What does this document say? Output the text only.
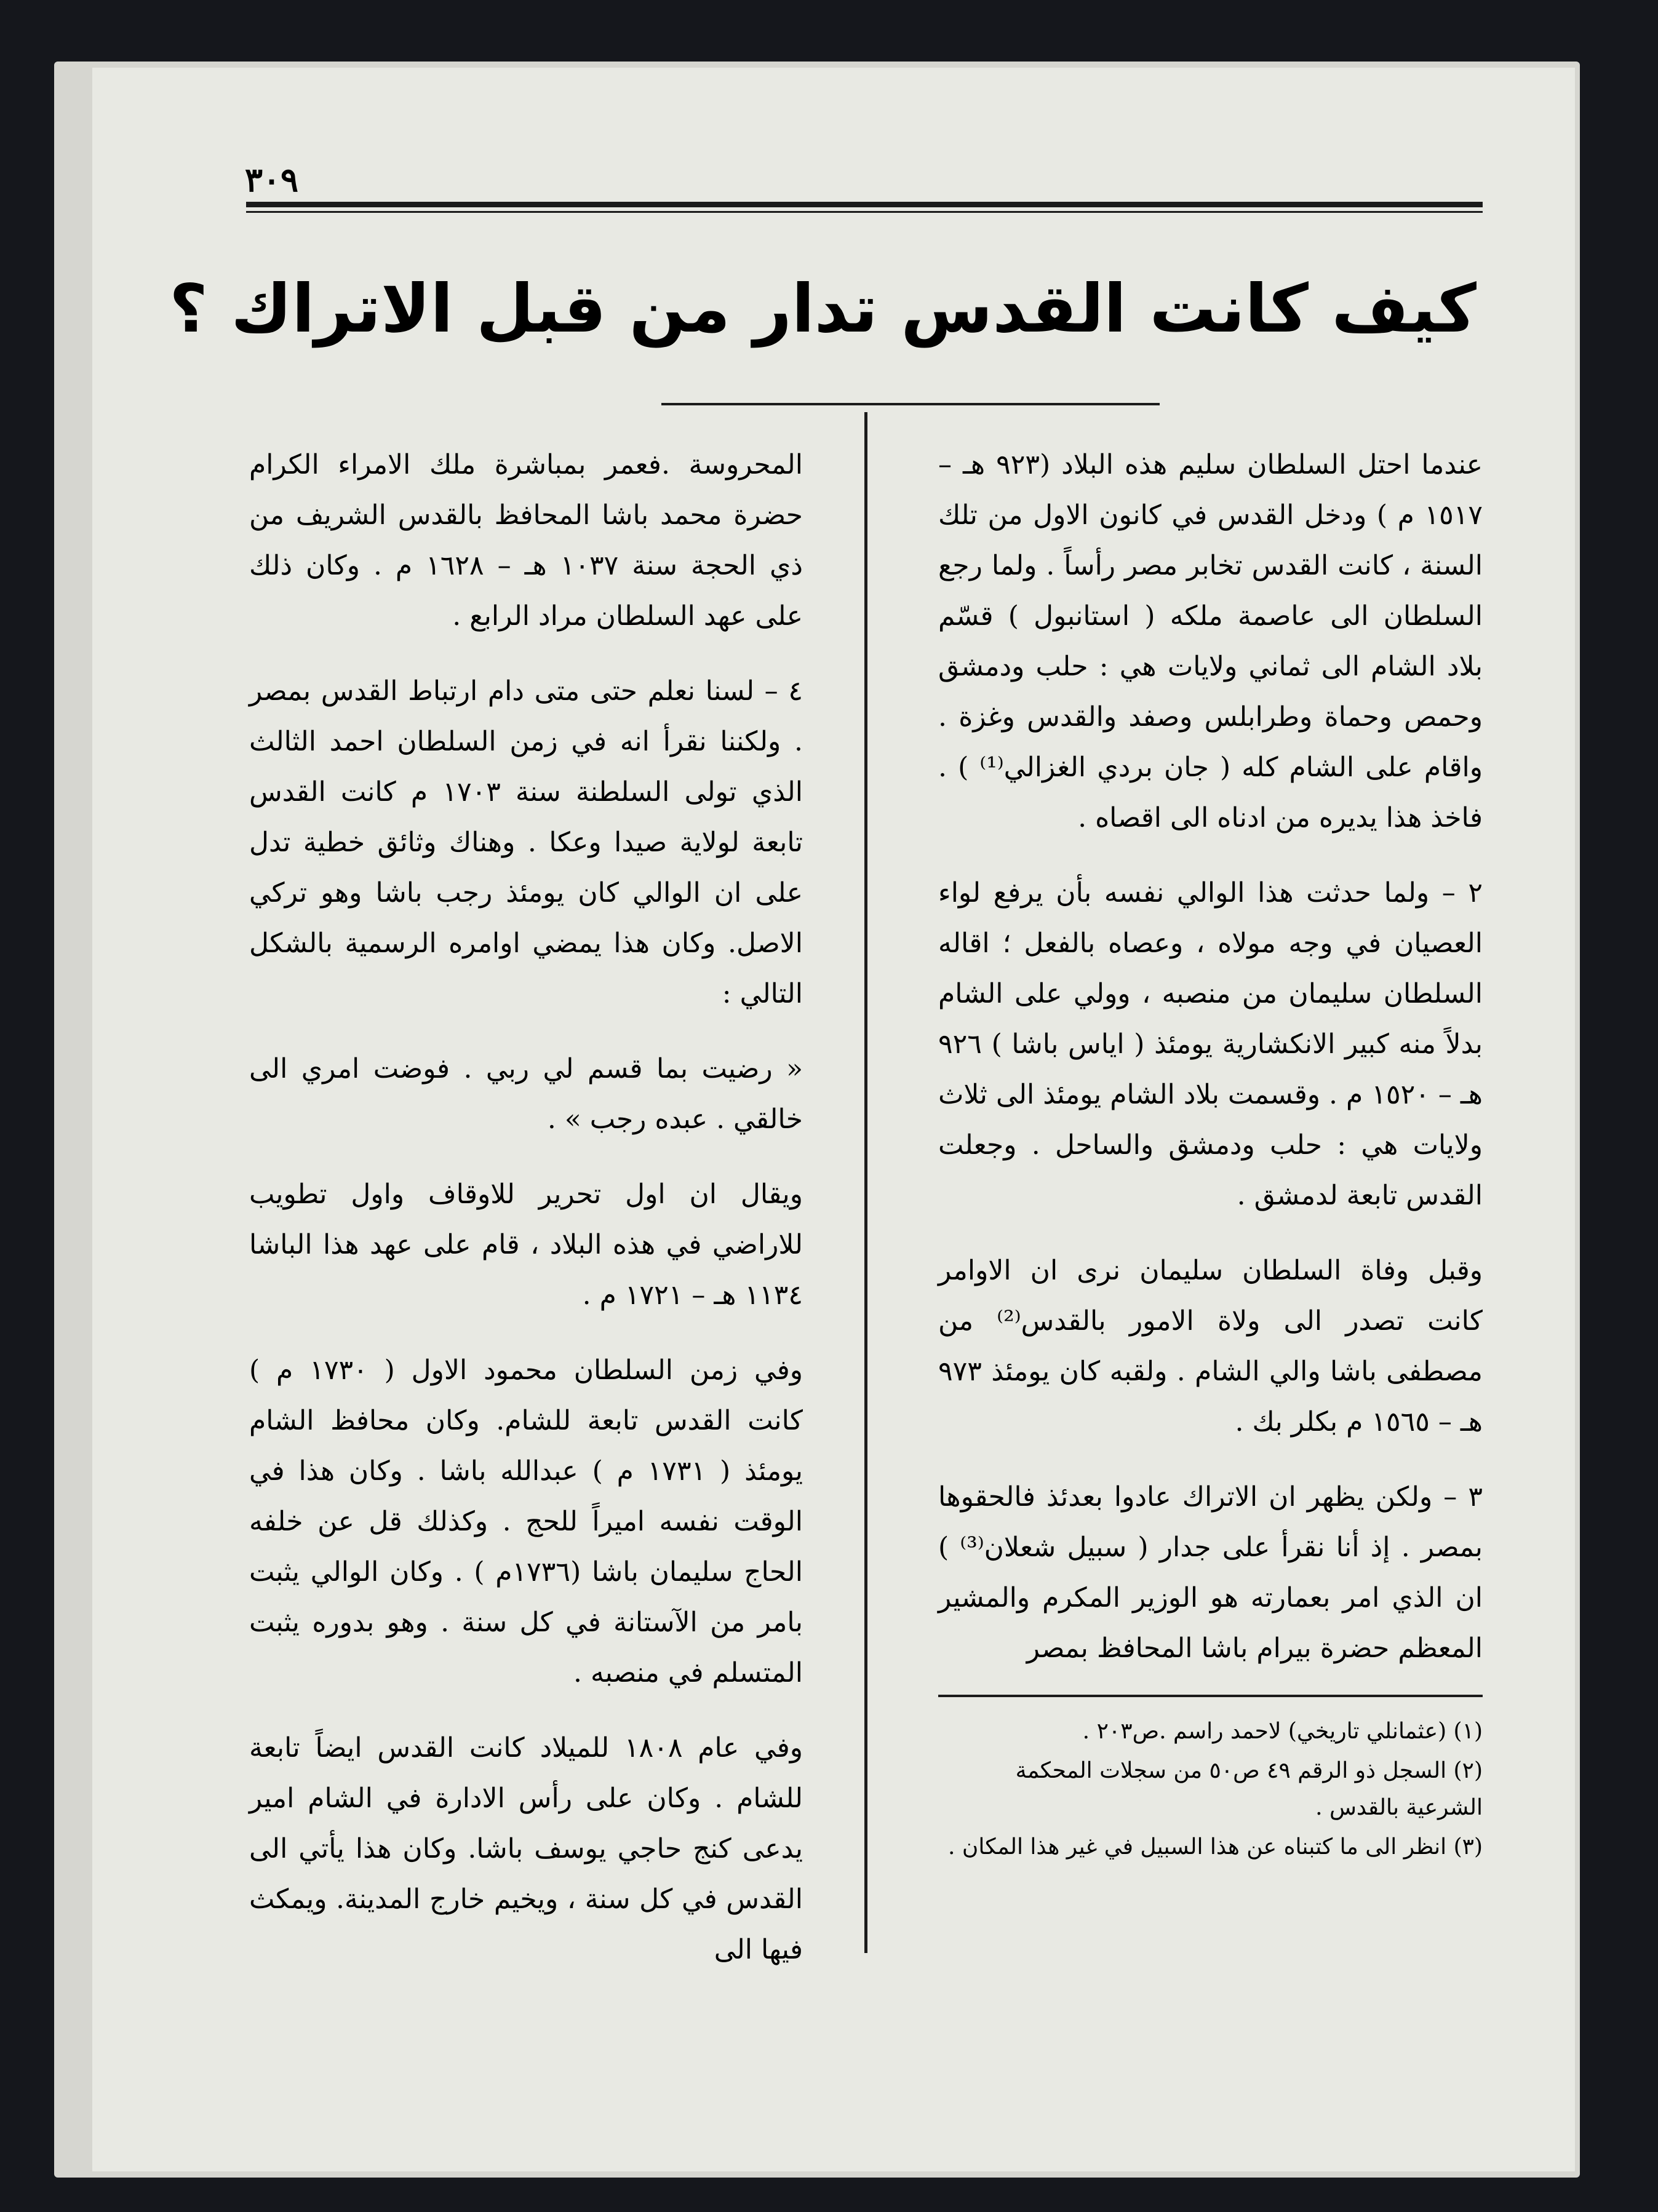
٣٠٩
كيف كانت القدس تدار من قبل الاتراك ؟

عندما احتل السلطان سليم هذه البلاد (٩٢٣ هـ – ١٥١٧ م ) ودخل القدس في كانون الاول من تلك السنة ، كانت القدس تخابر مصر رأساً . ولما رجع السلطان الى عاصمة ملكه ( استانبول ) قسّم بلاد الشام الى ثماني ولايات هي : حلب ودمشق وحمص وحماة وطرابلس وصفد والقدس وغزة . واقام على الشام كله ( جان بردي الغزالي⁽¹⁾ ) . فاخذ هذا يديره من ادناه الى اقصاه .

٢ – ولما حدثت هذا الوالي نفسه بأن يرفع لواء العصيان في وجه مولاه ، وعصاه بالفعل ؛ اقاله السلطان سليمان من منصبه ، وولي على الشام بدلاً منه كبير الانكشارية يومئذ ( اياس باشا ) ٩٢٦ هـ – ١٥٢٠ م . وقسمت بلاد الشام يومئذ الى ثلاث ولايات هي : حلب ودمشق والساحل . وجعلت القدس تابعة لدمشق .

وقبل وفاة السلطان سليمان نرى ان الاوامر كانت تصدر الى ولاة الامور بالقدس⁽²⁾ من مصطفى باشا والي الشام . ولقبه كان يومئذ ٩٧٣ هـ – ١٥٦٥ م بكلر بك .

٣ – ولكن يظهر ان الاتراك عادوا بعدئذ فالحقوها بمصر . إذ أنا نقرأ على جدار ( سبيل شعلان⁽³⁾ ) ان الذي امر بعمارته هو الوزير المكرم والمشير المعظم حضرة بيرام باشا المحافظ بمصر

المحروسة .فعمر بمباشرة ملك الامراء الكرام حضرة محمد باشا المحافظ بالقدس الشريف من ذي الحجة سنة ١٠٣٧ هـ – ١٦٢٨ م . وكان ذلك على عهد السلطان مراد الرابع .

٤ – لسنا نعلم حتى متى دام ارتباط القدس بمصر . ولكننا نقرأ انه في زمن السلطان احمد الثالث الذي تولى السلطنة سنة ١٧٠٣ م كانت القدس تابعة لولاية صيدا وعكا . وهناك وثائق خطية تدل على ان الوالي كان يومئذ رجب باشا وهو تركي الاصل. وكان هذا يمضي اوامره الرسمية بالشكل التالي :

« رضيت بما قسم لي ربي . فوضت امري الى خالقي . عبده رجب » .

ويقال ان اول تحرير للاوقاف واول تطويب للاراضي في هذه البلاد ، قام على عهد هذا الباشا ١١٣٤ هـ – ١٧٢١ م .

وفي زمن السلطان محمود الاول ( ١٧٣٠ م ) كانت القدس تابعة للشام. وكان محافظ الشام يومئذ ( ١٧٣١ م ) عبدالله باشا . وكان هذا في الوقت نفسه اميراً للحج . وكذلك قل عن خلفه الحاج سليمان باشا (١٧٣٦م ) . وكان الوالي يثبت بامر من الآستانة في كل سنة . وهو بدوره يثبت المتسلم في منصبه .

وفي عام ١٨٠٨ للميلاد كانت القدس ايضاً تابعة للشام . وكان على رأس الادارة في الشام امير يدعى كنج حاجي يوسف باشا. وكان هذا يأتي الى القدس في كل سنة ، ويخيم خارج المدينة. ويمكث فيها الى

(١) (عثمانلي تاريخي) لاحمد راسم .ص٢٠٣ .

(٢) السجل ذو الرقم ٤٩ ص٥٠ من سجلات المحكمة الشرعية بالقدس .

(٣) انظر الى ما كتبناه عن هذا السبيل في غير هذا المكان .
